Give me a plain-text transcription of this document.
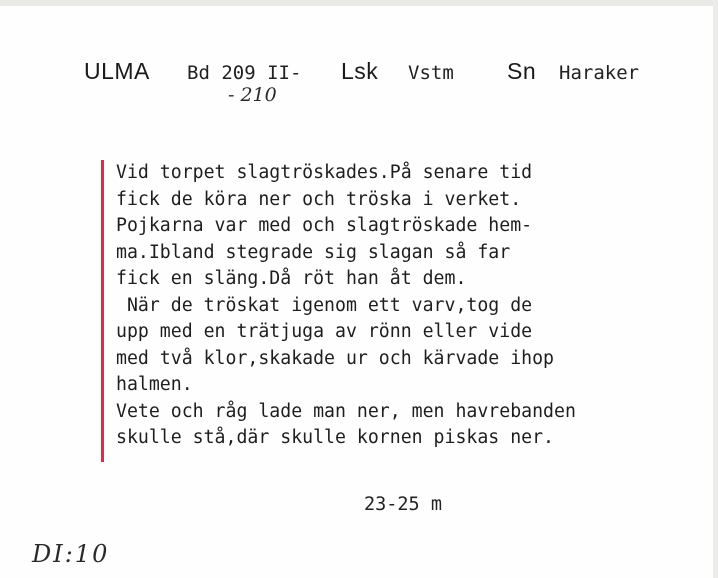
ULMA Bd 209 II-
- 210
Lsk Vstm Sn Haraker
Vid torpet slagtröskades.På senare tid
fick de köra ner och tröska i verket.
Pojkarna var med och slagtröskade hem-
ma.Ibland stegrade sig slagan så far
fick en släng.Då röt han åt dem.
När de tröskat igenom ett varv,tog de
upp med en trätjuga av rönn eller vide
med två klor,skakade ur och kärvade ihop
halmen.
Vete och råg lade man ner, men havrebanden
skulle stå,där skulle kornen piskas ner.
23-25 m
DI:10
